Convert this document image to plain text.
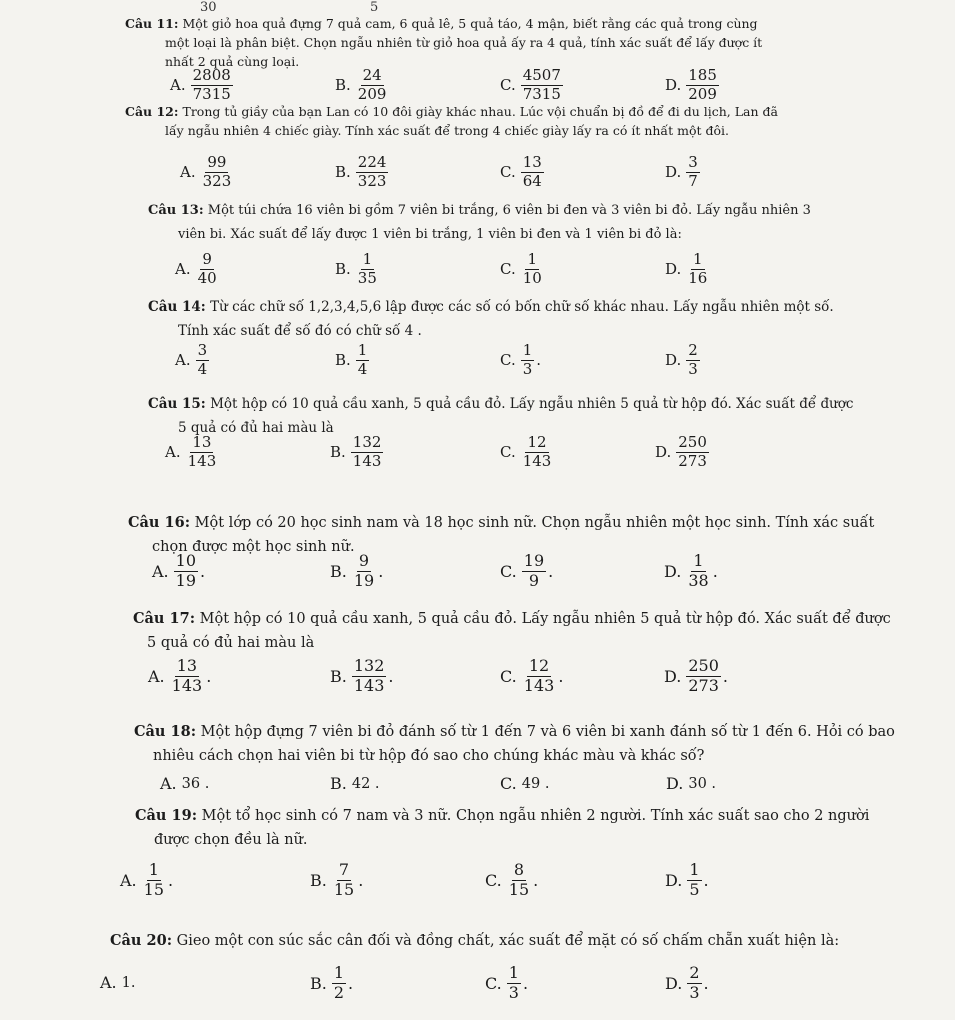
30	5
Câu 11: Một giỏ hoa quả đựng 7 quả cam, 6 quả lê, 5 quả táo, 4 mận, biết rằng các quả trong cùng
một loại là phân biệt. Chọn ngẫu nhiên từ giỏ hoa quả ấy ra 4 quả, tính xác suất để lấy được ít
nhất 2 quả cùng loại.
A. $\frac{2808}{7315}$	B. $\frac{24}{209}$	C. $\frac{4507}{7315}$	D. $\frac{185}{209}$
Câu 12: Trong tủ giầy của bạn Lan có 10 đôi giày khác nhau. Lúc vội chuẩn bị đồ để đi du lịch, Lan đã
lấy ngẫu nhiên 4 chiếc giày. Tính xác suất để trong 4 chiếc giày lấy ra có ít nhất một đôi.
A. $\frac{99}{323}$	B. $\frac{224}{323}$	C. $\frac{13}{64}$	D. $\frac{3}{7}$
Câu 13: Một túi chứa 16 viên bi gồm 7 viên bi trắng, 6 viên bi đen và 3 viên bi đỏ. Lấy ngẫu nhiên 3
viên bi. Xác suất để lấy được 1 viên bi trắng, 1 viên bi đen và 1 viên bi đỏ là:
A. $\frac{9}{40}$	B. $\frac{1}{35}$	C. $\frac{1}{10}$	D. $\frac{1}{16}$
Câu 14: Từ các chữ số 1,2,3,4,5,6 lập được các số có bốn chữ số khác nhau. Lấy ngẫu nhiên một số.
Tính xác suất để số đó có chữ số 4 .
A. $\frac{3}{4}$	B. $\frac{1}{4}$	C. $\frac{1}{3}$ .	D. $\frac{2}{3}$
Câu 15: Một hộp có 10 quả cầu xanh, 5 quả cầu đỏ. Lấy ngẫu nhiên 5 quả từ hộp đó. Xác suất để được
5 quả có đủ hai màu là
A. $\frac{13}{143}$	B. $\frac{132}{143}$	C. $\frac{12}{143}$	D. $\frac{250}{273}$
Câu 16: Một lớp có 20 học sinh nam và 18 học sinh nữ. Chọn ngẫu nhiên một học sinh. Tính xác suất
chọn được một học sinh nữ.
A. $\frac{10}{19}$ .	B. $\frac{9}{19}$ .	C. $\frac{19}{9}$ .	D. $\frac{1}{38}$ .
Câu 17: Một hộp có 10 quả cầu xanh, 5 quả cầu đỏ. Lấy ngẫu nhiên 5 quả từ hộp đó. Xác suất để được
5 quả có đủ hai màu là
A. $\frac{13}{143}$ .	B. $\frac{132}{143}$ .	C. $\frac{12}{143}$ .	D. $\frac{250}{273}$ .
Câu 18: Một hộp đựng 7 viên bi đỏ đánh số từ 1 đến 7 và 6 viên bi xanh đánh số từ 1 đến 6. Hỏi có bao
nhiêu cách chọn hai viên bi từ hộp đó sao cho chúng khác màu và khác số?
A. 36 .	B. 42 .	C. 49 .	D. 30 .
Câu 19: Một tổ học sinh có 7 nam và 3 nữ. Chọn ngẫu nhiên 2 người. Tính xác suất sao cho 2 người
được chọn đều là nữ.
A. $\frac{1}{15}$ .	B. $\frac{7}{15}$ .	C. $\frac{8}{15}$ .	D. $\frac{1}{5}$ .
Câu 20: Gieo một con súc sắc cân đối và đồng chất, xác suất để mặt có số chấm chẵn xuất hiện là:
A. 1.	B. $\frac{1}{2}$ .	C. $\frac{1}{3}$ .	D. $\frac{2}{3}$ .
